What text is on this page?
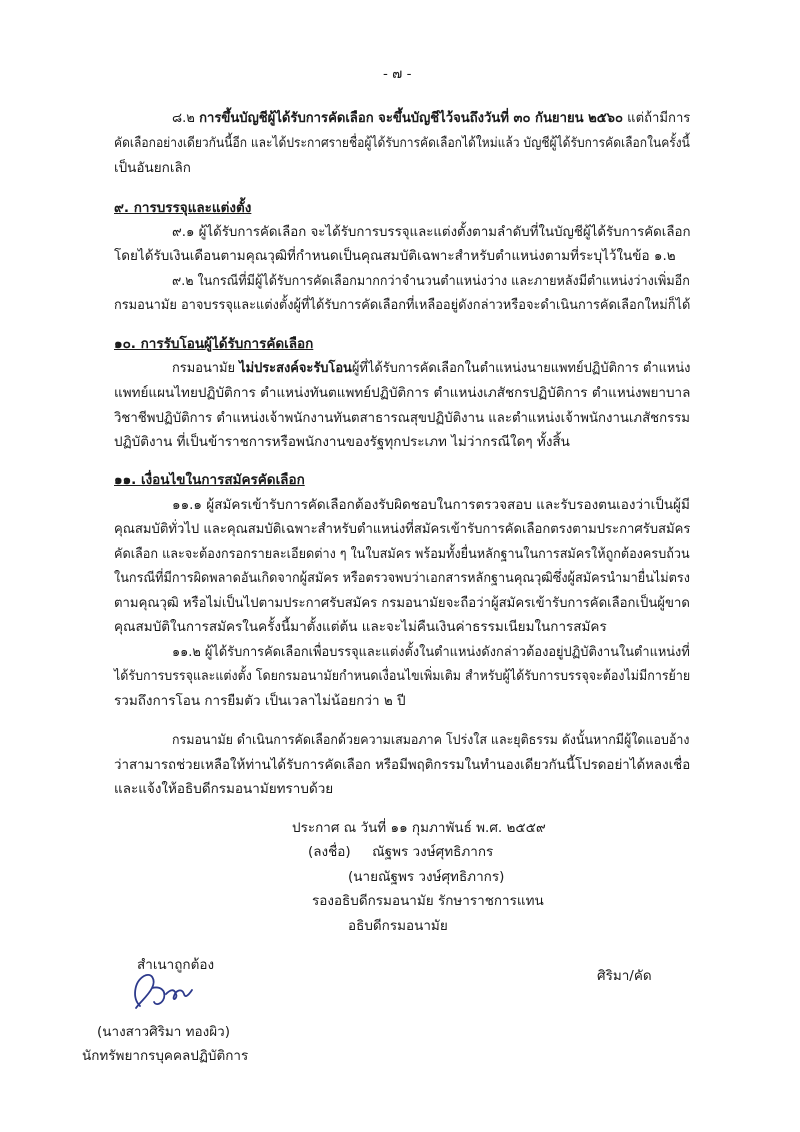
- ๗ -
๘.๒ การขึ้นบัญชีผู้ได้รับการคัดเลือก จะขึ้นบัญชีไว้จนถึงวันที่ ๓๐ กันยายน ๒๕๖๐ แต่ถ้ามีการ
คัดเลือกอย่างเดียวกันนี้อีก และได้ประกาศรายชื่อผู้ได้รับการคัดเลือกได้ใหม่แล้ว บัญชีผู้ได้รับการคัดเลือกในครั้งนี้
เป็นอันยกเลิก
๙. การบรรจุและแต่งตั้ง
๙.๑ ผู้ได้รับการคัดเลือก จะได้รับการบรรจุและแต่งตั้งตามลำดับที่ในบัญชีผู้ได้รับการคัดเลือก
โดยได้รับเงินเดือนตามคุณวุฒิที่กำหนดเป็นคุณสมบัติเฉพาะสำหรับตำแหน่งตามที่ระบุไว้ในข้อ ๑.๒
๙.๒ ในกรณีที่มีผู้ได้รับการคัดเลือกมากกว่าจำนวนตำแหน่งว่าง และภายหลังมีตำแหน่งว่างเพิ่มอีก
กรมอนามัย อาจบรรจุและแต่งตั้งผู้ที่ได้รับการคัดเลือกที่เหลืออยู่ดังกล่าวหรือจะดำเนินการคัดเลือกใหม่ก็ได้
๑๐. การรับโอนผู้ได้รับการคัดเลือก
กรมอนามัย ไม่ประสงค์จะรับโอนผู้ที่ได้รับการคัดเลือกในตำแหน่งนายแพทย์ปฏิบัติการ ตำแหน่ง
แพทย์แผนไทยปฏิบัติการ ตำแหน่งทันตแพทย์ปฏิบัติการ ตำแหน่งเภสัชกรปฏิบัติการ ตำแหน่งพยาบาล
วิชาชีพปฏิบัติการ ตำแหน่งเจ้าพนักงานทันตสาธารณสุขปฏิบัติงาน และตำแหน่งเจ้าพนักงานเภสัชกรรม
ปฏิบัติงาน ที่เป็นข้าราชการหรือพนักงานของรัฐทุกประเภท ไม่ว่ากรณีใดๆ ทั้งสิ้น
๑๑. เงื่อนไขในการสมัครคัดเลือก
๑๑.๑ ผู้สมัครเข้ารับการคัดเลือกต้องรับผิดชอบในการตรวจสอบ และรับรองตนเองว่าเป็นผู้มี
คุณสมบัติทั่วไป และคุณสมบัติเฉพาะสำหรับตำแหน่งที่สมัครเข้ารับการคัดเลือกตรงตามประกาศรับสมัคร
คัดเลือก และจะต้องกรอกรายละเอียดต่าง ๆ ในใบสมัคร พร้อมทั้งยื่นหลักฐานในการสมัครให้ถูกต้องครบถ้วน
ในกรณีที่มีการผิดพลาดอันเกิดจากผู้สมัคร หรือตรวจพบว่าเอกสารหลักฐานคุณวุฒิซึ่งผู้สมัครนำมายื่นไม่ตรง
ตามคุณวุฒิ หรือไม่เป็นไปตามประกาศรับสมัคร กรมอนามัยจะถือว่าผู้สมัครเข้ารับการคัดเลือกเป็นผู้ขาด
คุณสมบัติในการสมัครในครั้งนี้มาตั้งแต่ต้น และจะไม่คืนเงินค่าธรรมเนียมในการสมัคร
๑๑.๒ ผู้ได้รับการคัดเลือกเพื่อบรรจุและแต่งตั้งในตำแหน่งดังกล่าวต้องอยู่ปฏิบัติงานในตำแหน่งที่
ได้รับการบรรจุและแต่งตั้ง โดยกรมอนามัยกำหนดเงื่อนไขเพิ่มเติม สำหรับผู้ได้รับการบรรจุจะต้องไม่มีการย้าย
รวมถึงการโอน การยืมตัว เป็นเวลาไม่น้อยกว่า ๒ ปี
กรมอนามัย ดำเนินการคัดเลือกด้วยความเสมอภาค โปร่งใส และยุติธรรม ดังนั้นหากมีผู้ใดแอบอ้าง
ว่าสามารถช่วยเหลือให้ท่านได้รับการคัดเลือก หรือมีพฤติกรรมในทำนองเดียวกันนี้โปรดอย่าได้หลงเชื่อ
และแจ้งให้อธิบดีกรมอนามัยทราบด้วย
ประกาศ ณ วันที่ ๑๑ กุมภาพันธ์ พ.ศ. ๒๕๕๙
(ลงชื่อ) ณัฐพร วงษ์ศุทธิภากร
(นายณัฐพร วงษ์ศุทธิภากร)
รองอธิบดีกรมอนามัย รักษาราชการแทน
อธิบดีกรมอนามัย
สำเนาถูกต้อง
(นางสาวศิริมา ทองผิว)
นักทรัพยากรบุคคลปฏิบัติการ
ศิริมา/คัด
